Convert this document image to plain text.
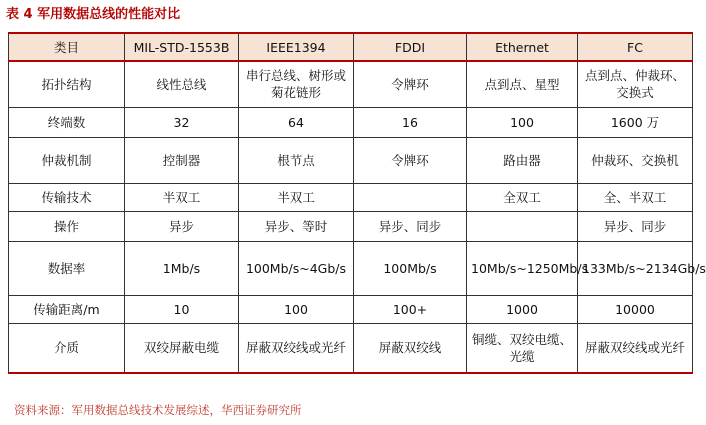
表 4 军用数据总线的性能对比
类目	MIL-STD-1553B	IEEE1394	FDDI	Ethernet	FC
拓扑结构	线性总线	串行总线、树形或菊花链形	令牌环	点到点、星型	点到点、仲裁环、交换式
终端数	32	64	16	100	1600 万
仲裁机制	控制器	根节点	令牌环	路由器	仲裁环、交换机
传输技术	半双工	半双工		全双工	全、半双工
操作	异步	异步、等时	异步、同步		异步、同步
数据率	1Mb/s	100Mb/s~4Gb/s	100Mb/s	10Mb/s~1250Mb/s	133Mb/s~2134Gb/s
传输距离/m	10	100	100+	1000	10000
介质	双绞屏蔽电缆	屏蔽双绞线或光纤	屏蔽双绞线	铜缆、双绞电缆、光缆	屏蔽双绞线或光纤
资料来源：军用数据总线技术发展综述，华西证券研究所
